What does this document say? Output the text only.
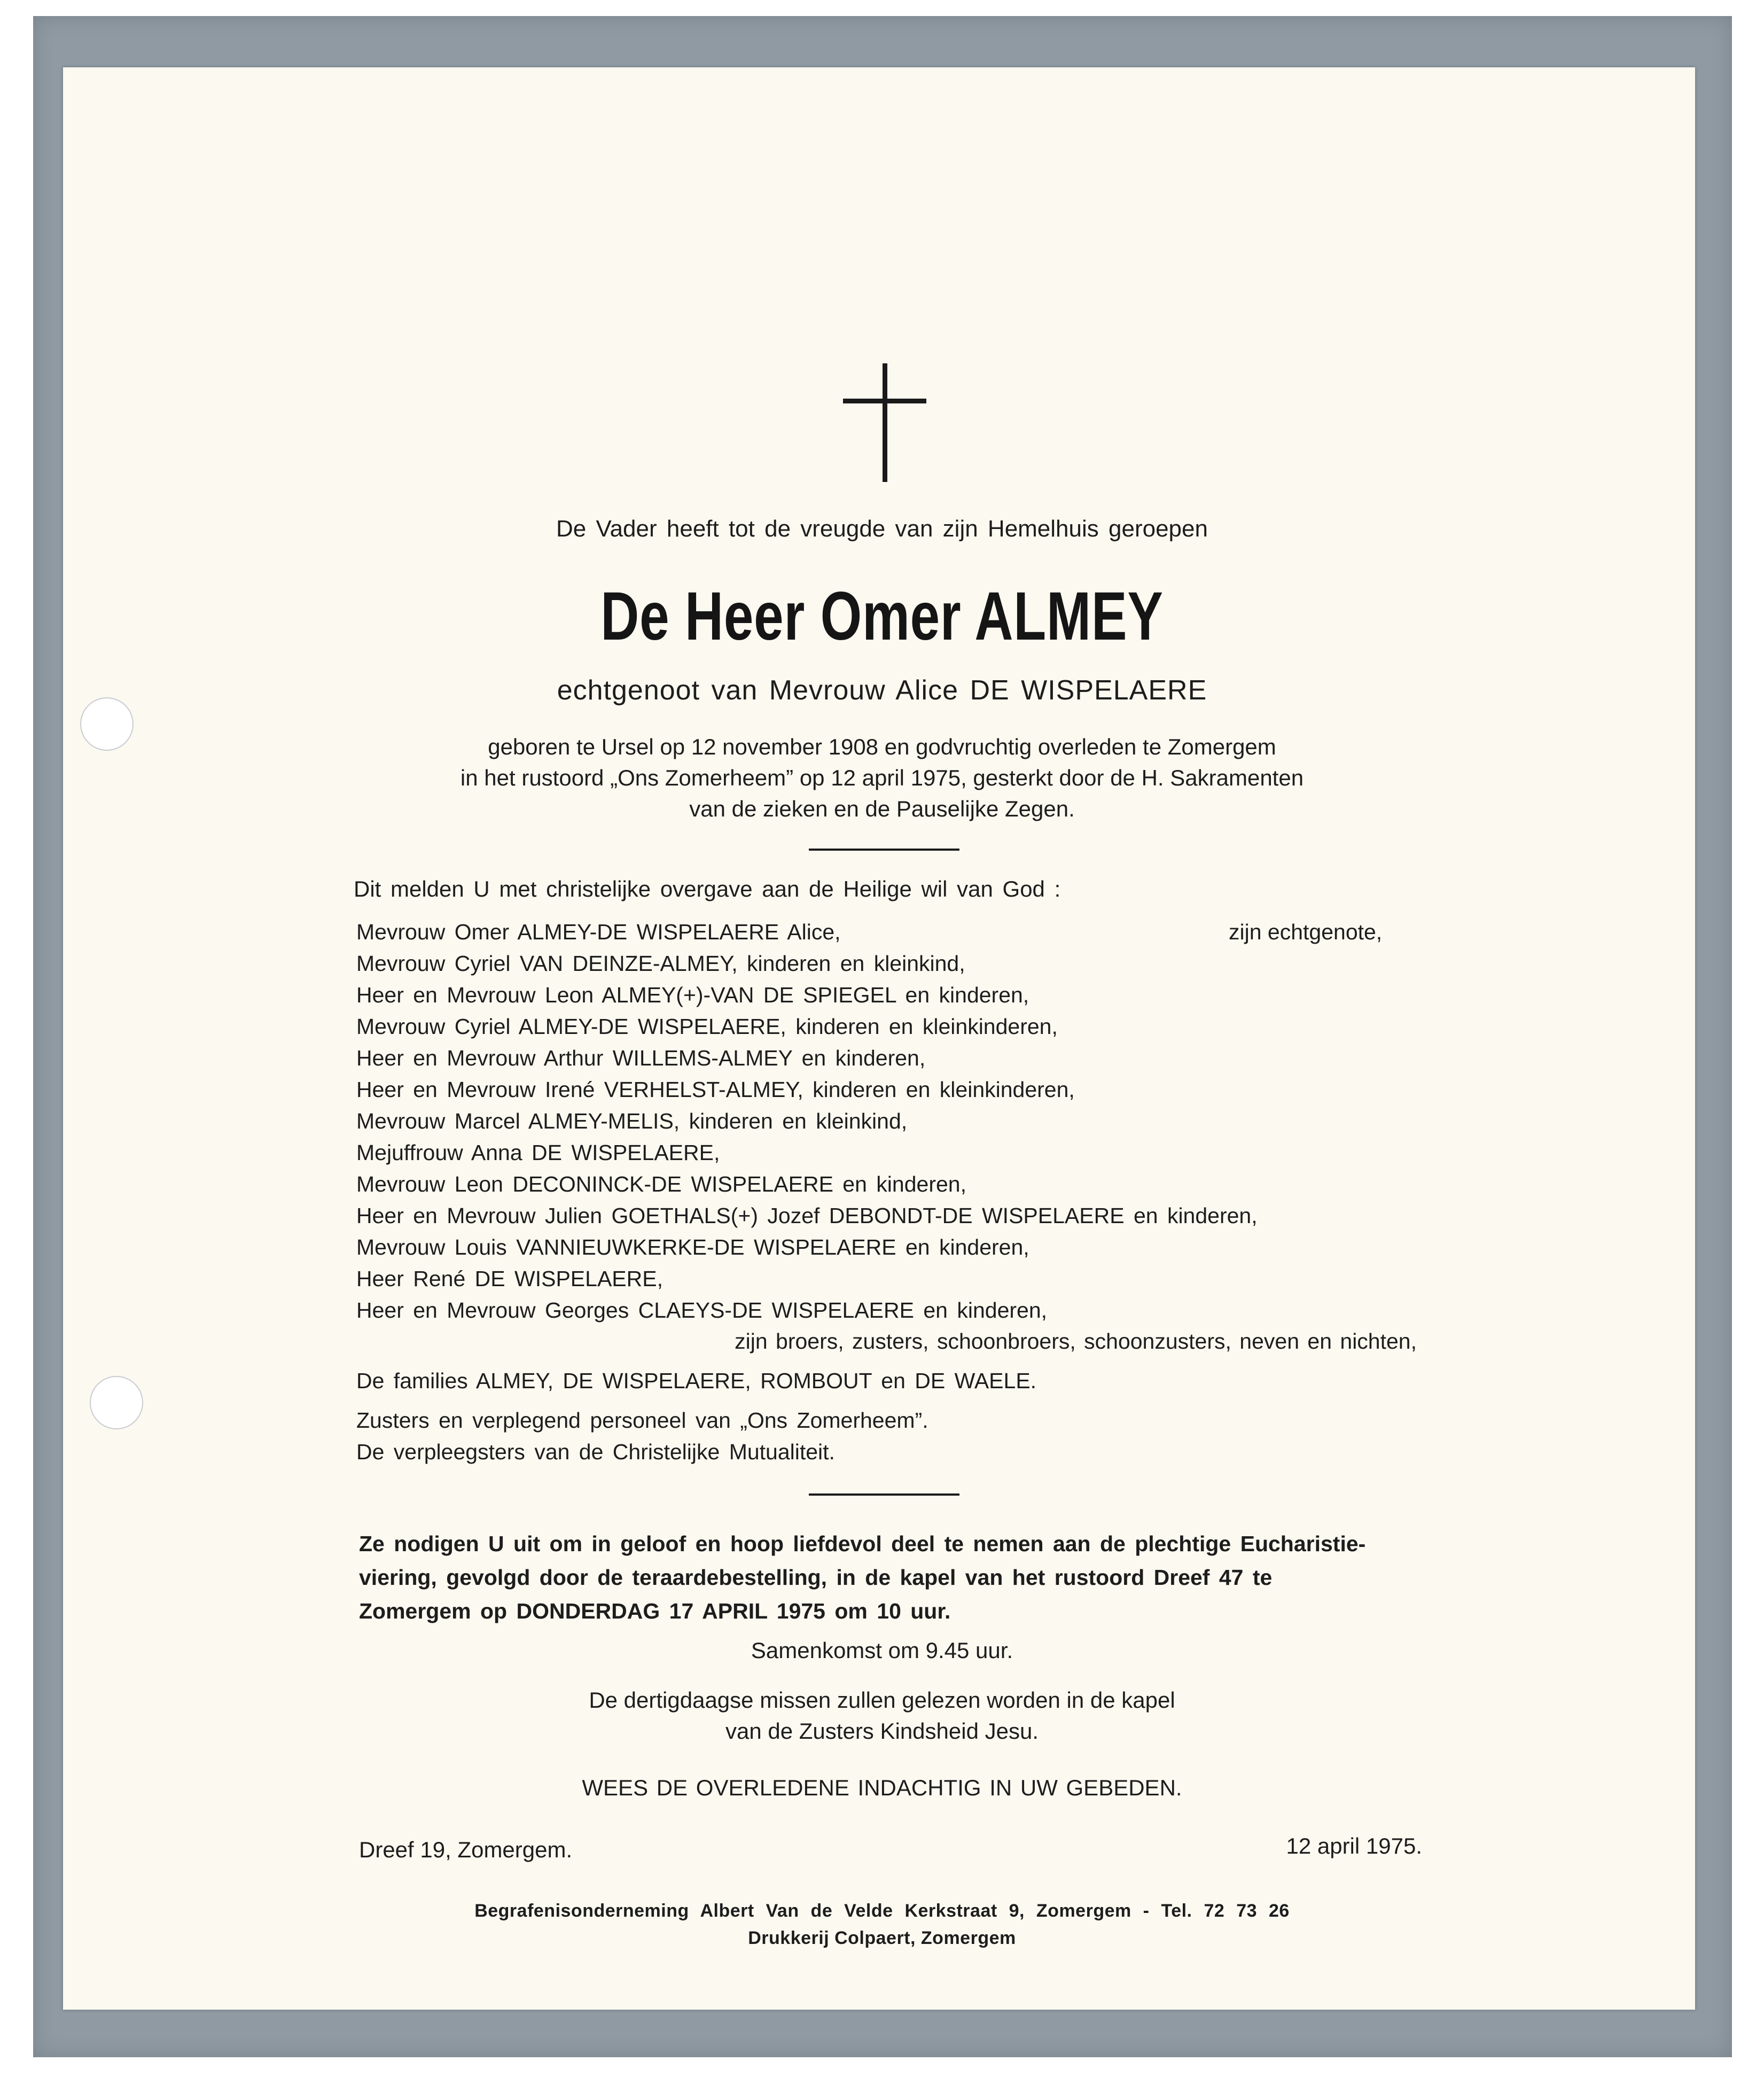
De Vader heeft tot de vreugde van zijn Hemelhuis geroepen
De Heer Omer ALMEY
echtgenoot van Mevrouw Alice DE WISPELAERE
geboren te Ursel op 12 november 1908 en godvruchtig overleden te Zomergem
in het rustoord „Ons Zomerheem” op 12 april 1975, gesterkt door de H. Sakramenten
van de zieken en de Pauselijke Zegen.
Dit melden U met christelijke overgave aan de Heilige wil van God :
Mevrouw Omer ALMEY-DE WISPELAERE Alice,	zijn echtgenote,
Mevrouw Cyriel VAN DEINZE-ALMEY, kinderen en kleinkind,
Heer en Mevrouw Leon ALMEY(+)-VAN DE SPIEGEL en kinderen,
Mevrouw Cyriel ALMEY-DE WISPELAERE, kinderen en kleinkinderen,
Heer en Mevrouw Arthur WILLEMS-ALMEY en kinderen,
Heer en Mevrouw Irené VERHELST-ALMEY, kinderen en kleinkinderen,
Mevrouw Marcel ALMEY-MELIS, kinderen en kleinkind,
Mejuffrouw Anna DE WISPELAERE,
Mevrouw Leon DECONINCK-DE WISPELAERE en kinderen,
Heer en Mevrouw Julien GOETHALS(+) Jozef DEBONDT-DE WISPELAERE en kinderen,
Mevrouw Louis VANNIEUWKERKE-DE WISPELAERE en kinderen,
Heer René DE WISPELAERE,
Heer en Mevrouw Georges CLAEYS-DE WISPELAERE en kinderen,
zijn broers, zusters, schoonbroers, schoonzusters, neven en nichten,
De families ALMEY, DE WISPELAERE, ROMBOUT en DE WAELE.
Zusters en verplegend personeel van „Ons Zomerheem”.
De verpleegsters van de Christelijke Mutualiteit.
Ze nodigen U uit om in geloof en hoop liefdevol deel te nemen aan de plechtige Eucharistie-
viering, gevolgd door de teraardebestelling, in de kapel van het rustoord Dreef 47 te
Zomergem op DONDERDAG 17 APRIL 1975 om 10 uur.
Samenkomst om 9.45 uur.
De dertigdaagse missen zullen gelezen worden in de kapel
van de Zusters Kindsheid Jesu.
WEES DE OVERLEDENE INDACHTIG IN UW GEBEDEN.
Dreef 19, Zomergem.	12 april 1975.
Begrafenisonderneming Albert Van de Velde Kerkstraat 9, Zomergem - Tel. 72 73 26
Drukkerij Colpaert, Zomergem
